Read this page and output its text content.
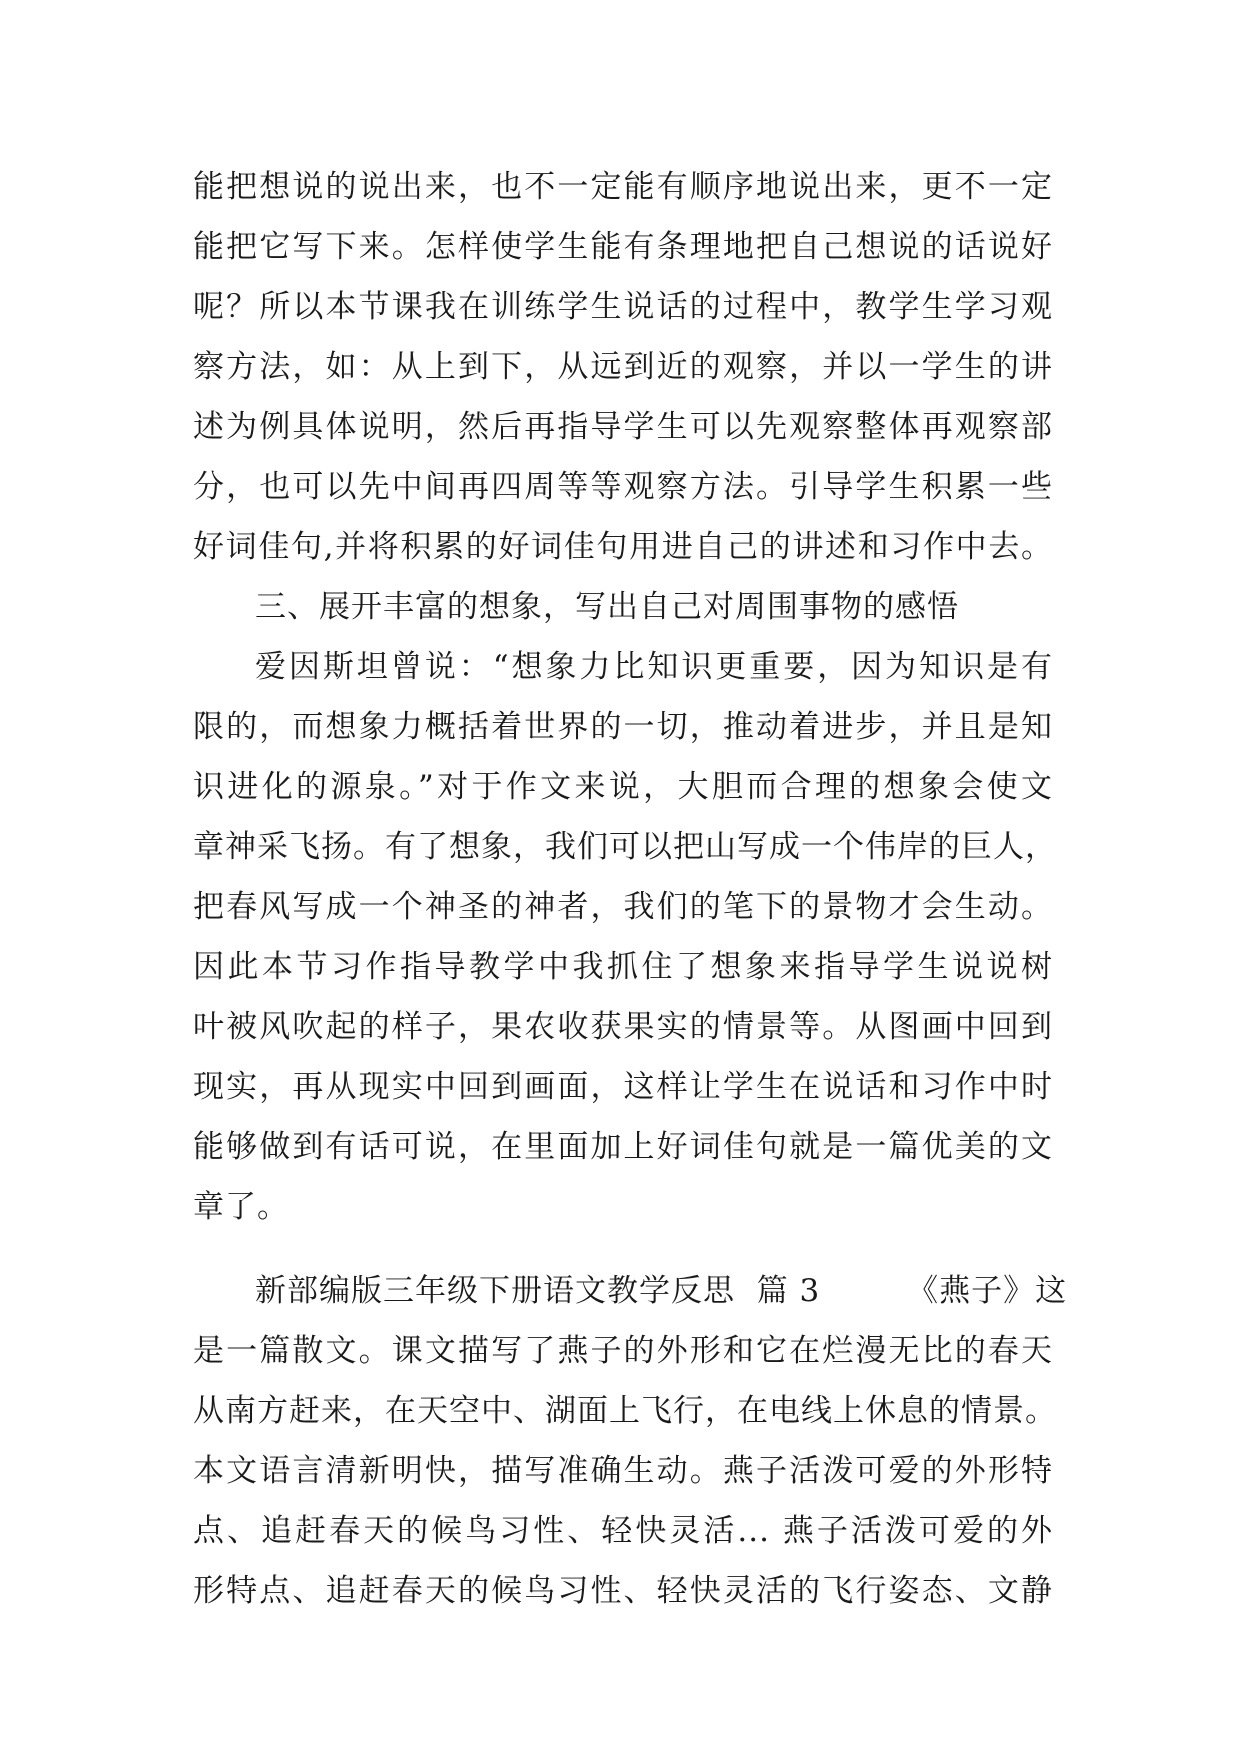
能把想说的说出来，也不一定能有顺序地说出来，更不一定
能把它写下来。怎样使学生能有条理地把自己想说的话说好
呢？所以本节课我在训练学生说话的过程中，教学生学习观
察方法，如：从上到下，从远到近的观察，并以一学生的讲
述为例具体说明，然后再指导学生可以先观察整体再观察部
分，也可以先中间再四周等等观察方法。引导学生积累一些
好词佳句,并将积累的好词佳句用进自己的讲述和习作中去。
三、展开丰富的想象，写出自己对周围事物的感悟
爱因斯坦曾说：“想象力比知识更重要，因为知识是有
限的，而想象力概括着世界的一切，推动着进步，并且是知
识进化的源泉。”对于作文来说，大胆而合理的想象会使文
章神采飞扬。有了想象，我们可以把山写成一个伟岸的巨人，
把春风写成一个神圣的神者，我们的笔下的景物才会生动。
因此本节习作指导教学中我抓住了想象来指导学生说说树
叶被风吹起的样子，果农收获果实的情景等。从图画中回到
现实，再从现实中回到画面，这样让学生在说话和习作中时
能够做到有话可说，在里面加上好词佳句就是一篇优美的文
章了。
新部编版三年级下册语文教学反思  篇 3        《燕子》这
是一篇散文。课文描写了燕子的外形和它在烂漫无比的春天
从南方赶来，在天空中、湖面上飞行，在电线上休息的情景。
本文语言清新明快，描写准确生动。燕子活泼可爱的外形特
点、追赶春天的候鸟习性、轻快灵活... 燕子活泼可爱的外
形特点、追赶春天的候鸟习性、轻快灵活的飞行姿态、文静
